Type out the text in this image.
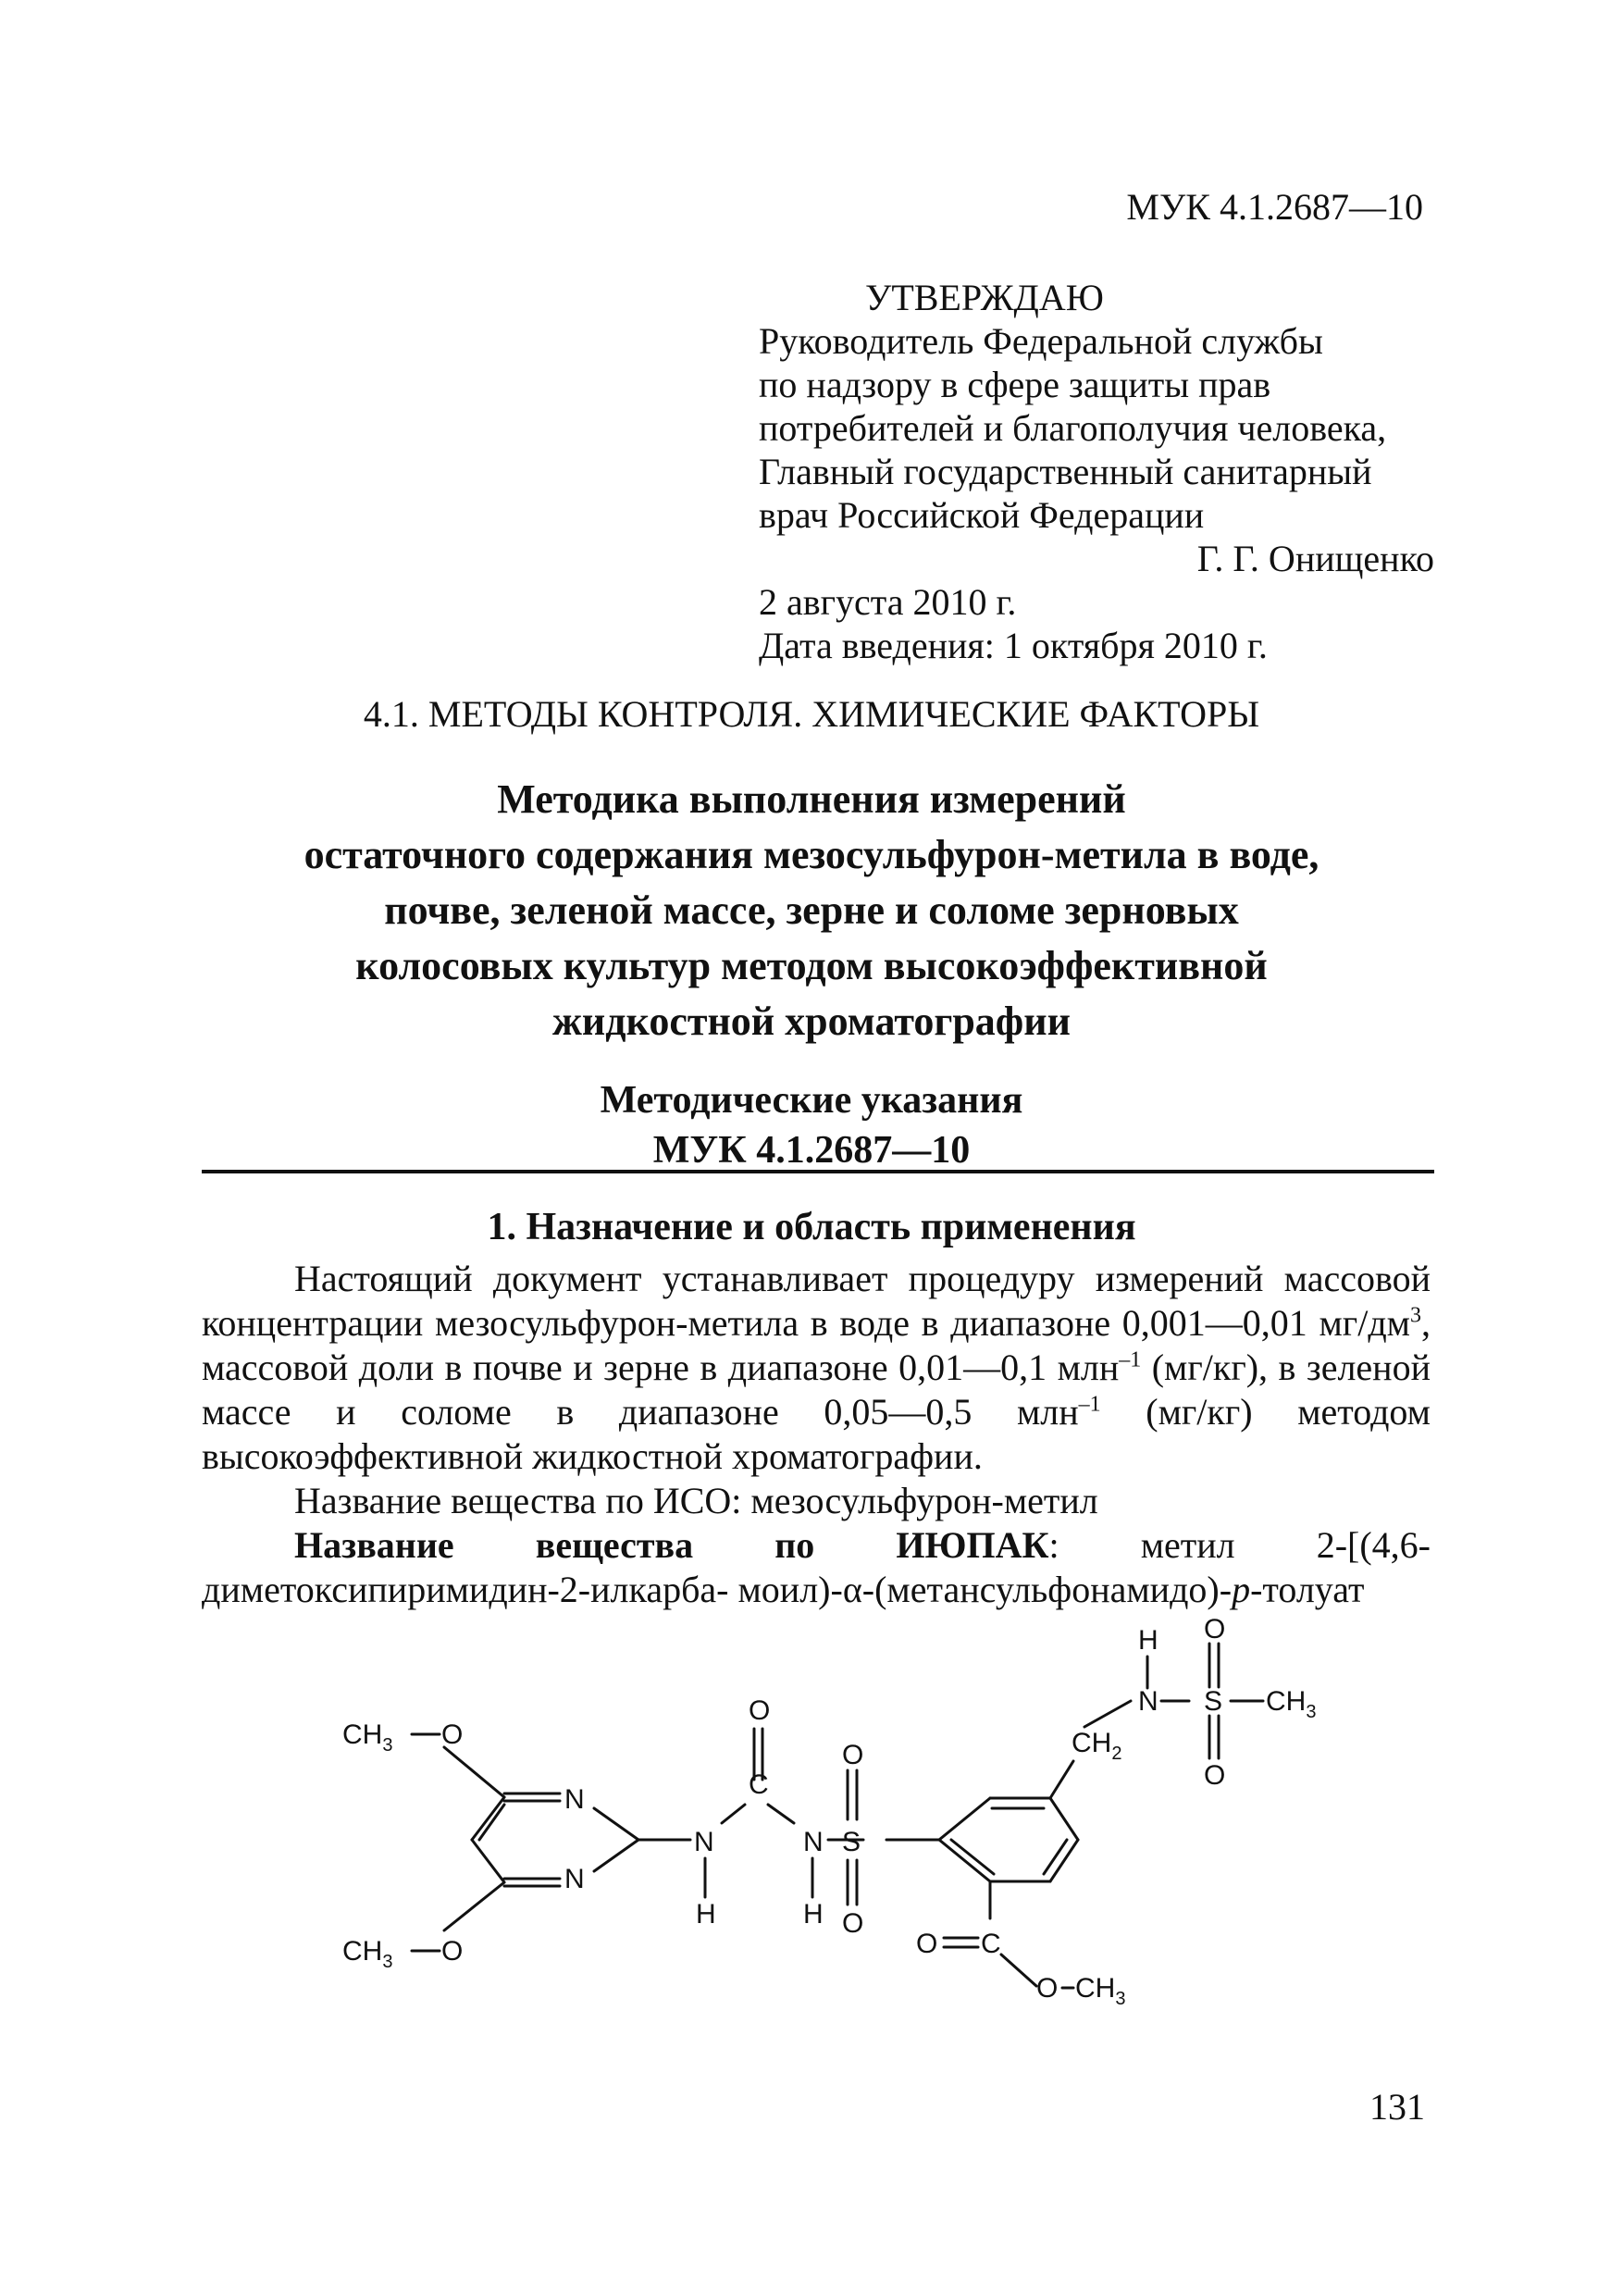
МУК 4.1.2687—10
УТВЕРЖДАЮ
Руководитель Федеральной службы
по надзору в сфере защиты прав
потребителей и благополучия человека,
Главный государственный санитарный
врач Российской Федерации
Г. Г. Онищенко
2 августа 2010 г.
Дата введения: 1 октября 2010 г.
4.1. МЕТОДЫ КОНТРОЛЯ. ХИМИЧЕСКИЕ ФАКТОРЫ
Методика выполнения измерений
остаточного содержания мезосульфурон-метила в воде,
почве, зеленой массе, зерне и соломе зерновых
колосовых культур методом высокоэффективной
жидкостной хроматографии
Методические указания
МУК 4.1.2687—10
1. Назначение и область применения

Настоящий документ устанавливает процедуру измерений массовой концентрации мезосульфурон-метила в воде в диапазоне 0,001—0,01 $мг/дм^3$, массовой доли в почве и зерне в диапазоне 0,01—0,1 млн$^{-1}$ (мг/кг), в зеленой массе и соломе в диапазоне 0,05—0,5 млн$^{-1}$ (мг/кг) методом высокоэффективной жидкостной хроматографии.

Название вещества по ИСО: мезосульфурон-метил

Название вещества по ИЮПАК: метил 2-[(4,6-диметоксипиримидин-2-илкарба- моил)-α-(метансульфонамидо)-p-толуат

$CH_3$ O
$CH_3$ O
N
N
N
H
C
O
N
H
S
O
O
$CH_2$
N
H
S
O
O
$CH_3$
O C
O $CH_3$
131
